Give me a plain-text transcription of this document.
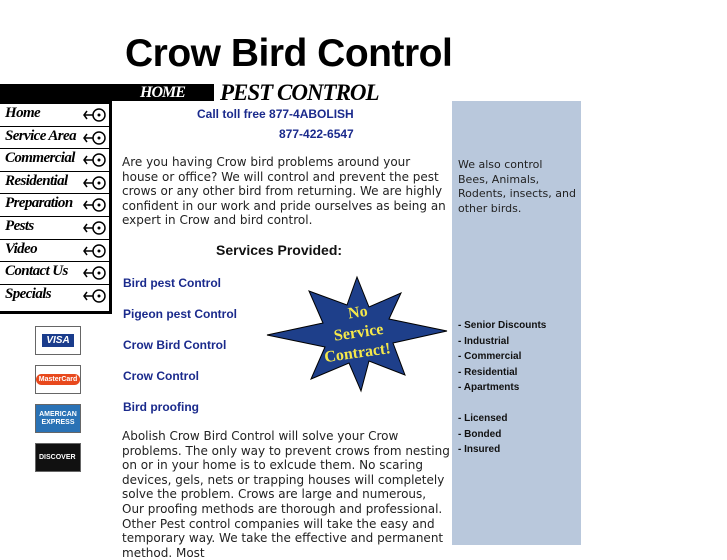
Crow Bird Control
HOME PEST CONTROL
Home
Service Area
Commercial
Residential
Preparation
Pests
Video
Contact Us
Specials
VISA
MasterCard
AMERICAN EXPRESS
DISCOVER
Call toll free 877-4ABOLISH
877-422-6547
Are you having Crow bird problems around your house or office? We will control and prevent the pest crows or any other bird from returning. We are highly confident in our work and pride ourselves as being an expert in Crow and bird control.
Services Provided:
Bird pest Control
Pigeon pest Control
Crow Bird Control
Crow Control
Bird proofing
No
Service
Contract!
Abolish Crow Bird Control will solve your Crow problems. The only way to prevent crows from nesting on or in your home is to exlcude them. No scaring devices, gels, nets or trapping houses will completely solve the problem. Crows are large and numerous, Our proofing methods are thorough and professional. Other Pest control companies will take the easy and temporary way. We take the effective and permanent method. Most
We also control Bees, Animals, Rodents, insects, and other birds.
- Senior Discounts
- Industrial
- Commercial
- Residential
- Apartments
- Licensed
- Bonded
- Insured
